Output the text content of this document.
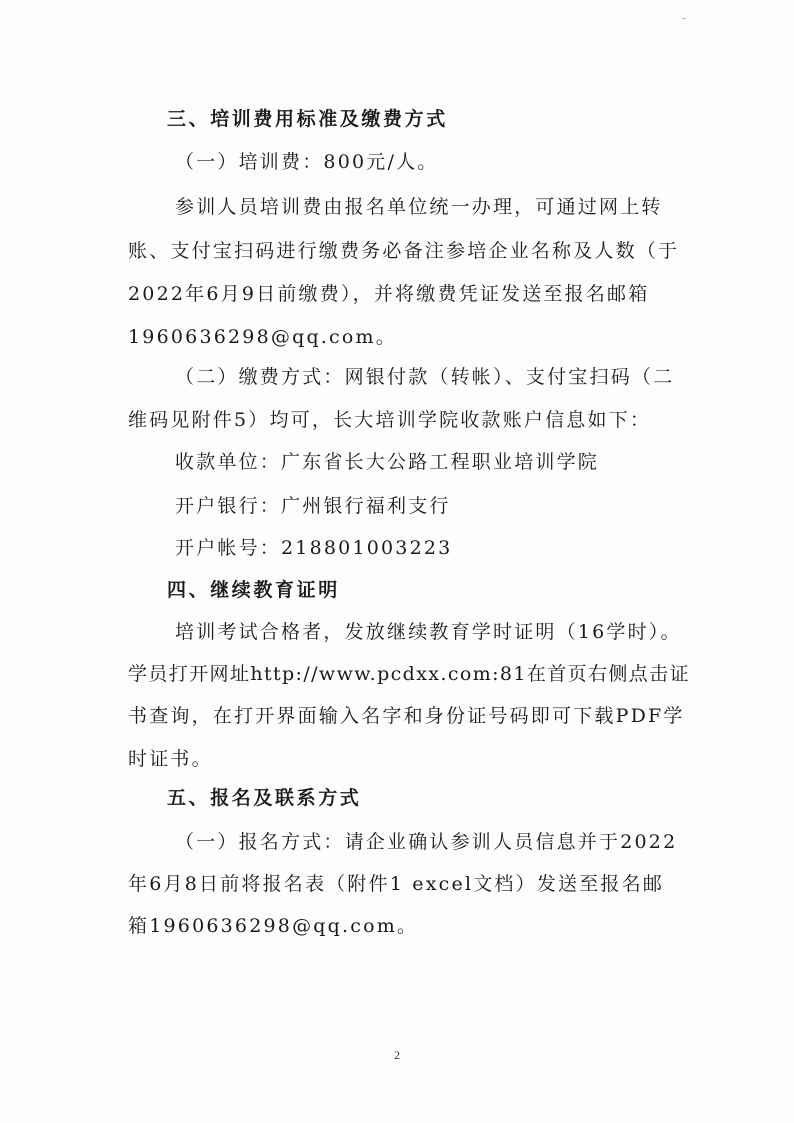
三、培训费用标准及缴费方式
（一）培训费：800元/人。
参训人员培训费由报名单位统一办理，可通过网上转
账、支付宝扫码进行缴费务必备注参培企业名称及人数（于
2022年6月9日前缴费），并将缴费凭证发送至报名邮箱
1960636298@qq.com。
（二）缴费方式：网银付款（转帐）、支付宝扫码（二
维码见附件5）均可，长大培训学院收款账户信息如下：
收款单位：广东省长大公路工程职业培训学院
开户银行：广州银行福利支行
开户帐号：218801003223
四、继续教育证明
培训考试合格者，发放继续教育学时证明（16学时）。
学员打开网址http://www.pcdxx.com:81在首页右侧点击证
书查询，在打开界面输入名字和身份证号码即可下载PDF学
时证书。
五、报名及联系方式
（一）报名方式：请企业确认参训人员信息并于2022
年6月8日前将报名表（附件1 excel文档）发送至报名邮
箱1960636298@qq.com。
2
